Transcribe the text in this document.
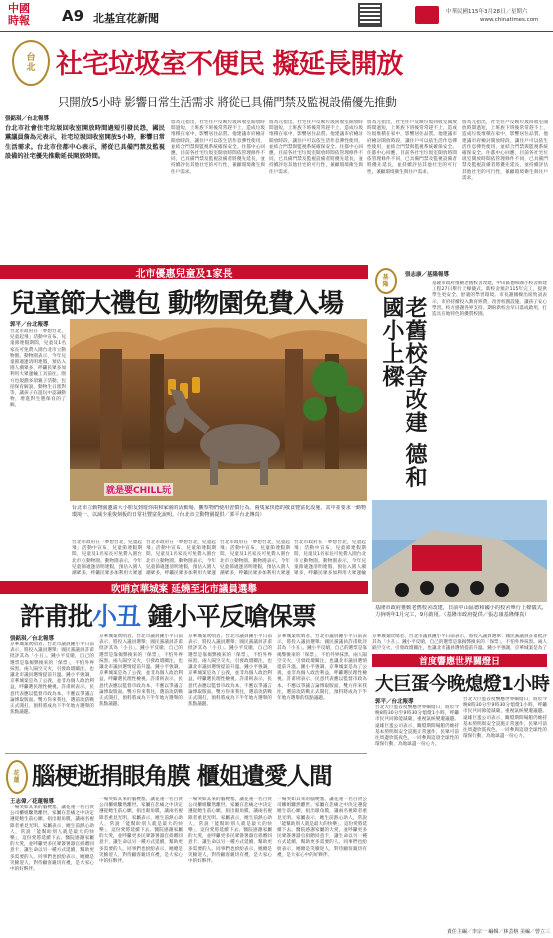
中國
時報 A9 北基宜花新聞	中華民國115年3月28日／星期六
www.chinatimes.com
台北 社宅垃圾室不便民 擬延長開放
只開放5小時 影響日常生活需求 將從已具備門禁及監視設備優先推動
張銘琪／台北報導
台北市社會住宅垃圾回收室開放時間過短引發民怨，國民黨議員詹為元表示，社宅垃圾回收室開放5小時，影響日常生活需求。台北市住都中心表示，將從已具備門禁及監視設備的社宅優先推動延長開放時間。
詹為元指出，社宅住戶反映垃圾回收室開放時間過短，上班族下班後常常趕不上，造成垃圾堆積在家中，影響居住品質。他建議市府檢討開放時段，讓住戶可以依生活作息彈性使用，並結合門禁與監視系統確保安全。住都中心回應，目前各社宅垃圾室開放時間依管理條件不同，已具備門禁及監視設備者將優先延長，並持續評估其他社宅的可行性，兼顧環境衛生與住戶需求。
詹為元指出，社宅住戶反映垃圾回收室開放時間過短，上班族下班後常常趕不上，造成垃圾堆積在家中，影響居住品質。他建議市府檢討開放時段，讓住戶可以依生活作息彈性使用，並結合門禁與監視系統確保安全。住都中心回應，目前各社宅垃圾室開放時間依管理條件不同，已具備門禁及監視設備者將優先延長，並持續評估其他社宅的可行性，兼顧環境衛生與住戶需求。
詹為元指出，社宅住戶反映垃圾回收室開放時間過短，上班族下班後常常趕不上，造成垃圾堆積在家中，影響居住品質。他建議市府檢討開放時段，讓住戶可以依生活作息彈性使用，並結合門禁與監視系統確保安全。住都中心回應，目前各社宅垃圾室開放時間依管理條件不同，已具備門禁及監視設備者將優先延長，並持續評估其他社宅的可行性，兼顧環境衛生與住戶需求。
詹為元指出，社宅住戶反映垃圾回收室開放時間過短，上班族下班後常常趕不上，造成垃圾堆積在家中，影響居住品質。他建議市府檢討開放時段，讓住戶可以依生活作息彈性使用，並結合門禁與監視系統確保安全。住都中心回應，目前各社宅垃圾室開放時間依管理條件不同，已具備門禁及監視設備者將優先延長，並持續評估其他社宅的可行性，兼顧環境衛生與住戶需求。
北市優惠兒童及1家長
兒童節大禮包 動物園免費入場
郭平／台北報導
台北市政府在「夢想台北，兒童起飛」活動中宣布，兒童節連假期間，兒童及1名家長可免費入園台北市立動物園。動物園表示，今年兒童節適逢清明連假，預估入園人潮眾多，呼籲民眾多加利用大眾運輸工具前往。園方也規劃多項親子活動，包括保育解說、動物生日派對等，讓孩子在遊玩中認識動物，增進對生態保育的了解。
就是要CHILL玩
台北市立動物園邀請大小朋友到遊你兩和家園的活動場，觀察物們使用習慣行為。兩隻家快德的敬食豐富化設施，其中並要求一動物環境一、以減少重復刻板的日常社豐富化說明。（台北市立動物園提供／郭平台北傳真）
台北市政府在「夢想台北，兒童起飛」活動中宣布，兒童節連假期間，兒童及1名家長可免費入園台北市立動物園。動物園表示，今年兒童節適逢清明連假，預估入園人潮眾多，呼籲民眾多加利用大眾運
台北市政府在「夢想台北，兒童起飛」活動中宣布，兒童節連假期間，兒童及1名家長可免費入園台北市立動物園。動物園表示，今年兒童節適逢清明連假，預估入園人潮眾多，呼籲民眾多加利用大眾運
台北市政府在「夢想台北，兒童起飛」活動中宣布，兒童節連假期間，兒童及1名家長可免費入園台北市立動物園。動物園表示，今年兒童節適逢清明連假，預估入園人潮眾多，呼籲民眾多加利用大眾運
台北市政府在「夢想台北，兒童起飛」活動中宣布，兒童節連假期間，兒童及1名家長可免費入園台北市立動物園。動物園表示，今年兒童節適逢清明連假，預估入園人潮眾多，呼籲民眾多加利用大眾運輸
基隆
張志康／基隆報導
老舊校舍改建 德和國小上樑
基隆市政府推動老舊校舍改建，中山區德和國小校舍新建工程27日舉行上樑儀式。新校舍預計115年完工，提供學生更安全、舒適的學習環境。市長謝國樑出席致詞表示，市府持續投入教育經費，改善校園設施，讓孩子安心學習。校方感謝各界支持，期盼新校舍早日落成啟用，打造具在地特色的優質校園。
基隆市政府推動老舊校舍改建，日前中山區德和國小的校舍舉行上樑儀式，力拚明年1月完工，9月啟用。（基隆市政府提供／張志康基隆傳真）
吹哨京華城案 延燒至北市議員選舉
許甫批小丑 鍾小平反嗆保票
張銘琪／台北報導
京華城案吹哨者、台北市議員鍾小平日前表示，將投入議員選舉；國民黨議員許甫批評其為「小丑」。鍾小平反嗆，自己的選票是靠揭弊換來的「保票」，不怕外界抹黑。兩人隔空交火，引發政壇關注，也讓北市議員選情提前升溫。鍾小平強調，京華城案是為了公義，並非為個人政治利益，呼籲選民理性檢視。許甫則表示，民意代表應以監督市政為本，不應以爭議言論博取版面。雙方你來我往，選前攻防戰正式開打，預料將成為下半年地方選舉的焦點議題。
京華城案吹哨者、台北市議員鍾小平日前表示，將投入議員選舉；國民黨議員許甫批評其為「小丑」。鍾小平反嗆，自己的選票是靠揭弊換來的「保票」，不怕外界抹黑。兩人隔空交火，引發政壇關注，也讓北市議員選情提前升溫。鍾小平強調，京華城案是為了公義，並非為個人政治利益，呼籲選民理性檢視。許甫則表示，民意代表應以監督市政為本，不應以爭議言論博取版面。雙方你來我往，選前攻防戰正式開打，預料將成為下半年地方選舉的焦點議題。
京華城案吹哨者、台北市議員鍾小平日前表示，將投入議員選舉；國民黨議員許甫批評其為「小丑」。鍾小平反嗆，自己的選票是靠揭弊換來的「保票」，不怕外界抹黑。兩人隔空交火，引發政壇關注，也讓北市議員選情提前升溫。鍾小平強調，京華城案是為了公義，並非為個人政治利益，呼籲選民理性檢視。許甫則表示，民意代表應以監督市政為本，不應以爭議言論博取版面。雙方你來我往，選前攻防戰正式開打，預料將成為下半年地方選舉的焦點議題。
京華城案吹哨者、台北市議員鍾小平日前表示，將投入議員選舉；國民黨議員許甫批評其為「小丑」。鍾小平反嗆，自己的選票是靠揭弊換來的「保票」，不怕外界抹黑。兩人隔空交火，引發政壇關注，也讓北市議員選情提前升溫。鍾小平強調，京華城案是為了公義，並非為個人政治利益，呼籲選民理性檢視。許甫則表示，民意代表應以監督市政為本，不應以爭議言論博取版面。雙方你來我往，選前攻防戰正式開打，預料將成為下半年地方選舉的焦點議題。
京華城案吹哨者、台北市議員鍾小平日前表示，將投入議員選舉；國民黨議員許甫批評其為「小丑」。鍾小平反嗆，自己的選票是靠揭弊換來的「保票」，不怕外界抹黑。兩人隔空交火，引發政壇關注，也讓北市議員選情提前升溫。鍾小平強調，京華城案是為了
首度響應世界關燈日
大巨蛋今晚熄燈1小時
郭平／台北報導
台北大巨蛋首度響應世界關燈日，將於今晚8時30分至9時30分熄燈1小時，呼籲市民共同節能減碳，重視氣候變遷議題。遠雄巨蛋公司表示，關燈期間場館仍維持基本照明與安全設施正常運作，民眾可前往周邊欣賞夜色，一同參與這項全球性的環保行動，為地球盡一份心力。
台北大巨蛋首度響應世界關燈日，將於今晚8時30分至9時30分熄燈1小時，呼籲市民共同節能減碳，重視氣候變遷議題。遠雄巨蛋公司表示，關燈期間場館仍維持基本照明與安全設施正常運作，民眾可前往周邊欣賞夜色，一同參與這項全球性的環保行動，為地球盡一份心力。
花蓮 腦梗逝捐眼角膜 櫃姐遺愛人間
王志偉／花蓮報導
一場突如其來的腦梗塞，讓花蓮一名百貨公司櫃姐驟然離世。家屬在悲痛之中決定遵從她生前心願，捐出眼角膜，讓兩名視障者重見光明。家屬表示，她生前熱心助人，常說「能幫助別人就是最大的快樂」，這份愛將延續下去。醫院感謝家屬的大愛，並呼籲更多民眾簽署器官捐贈同意卡，讓生命以另一種方式延續，幫助更多需要的人。同事們也紛紛表示，她總是笑臉迎人，對待顧客親切有禮，是大家心中的好夥伴。
一場突如其來的腦梗塞，讓花蓮一名百貨公司櫃姐驟然離世。家屬在悲痛之中決定遵從她生前心願，捐出眼角膜，讓兩名視障者重見光明。家屬表示，她生前熱心助人，常說「能幫助別人就是最大的快樂」，這份愛將延續下去。醫院感謝家屬的大愛，並呼籲更多民眾簽署器官捐贈同意卡，讓生命以另一種方式延續，幫助更多需要的人。同事們也紛紛表示，她總是笑臉迎人，對待顧客親切有禮，是大家心中的好夥伴。
一場突如其來的腦梗塞，讓花蓮一名百貨公司櫃姐驟然離世。家屬在悲痛之中決定遵從她生前心願，捐出眼角膜，讓兩名視障者重見光明。家屬表示，她生前熱心助人，常說「能幫助別人就是最大的快樂」，這份愛將延續下去。醫院感謝家屬的大愛，並呼籲更多民眾簽署器官捐贈同意卡，讓生命以另一種方式延續，幫助更多需要的人。同事們也紛紛表示，她總是笑臉迎人，對待顧客親切有禮，是大家心中的好夥伴。
一場突如其來的腦梗塞，讓花蓮一名百貨公司櫃姐驟然離世。家屬在悲痛之中決定遵從她生前心願，捐出眼角膜，讓兩名視障者重見光明。家屬表示，她生前熱心助人，常說「能幫助別人就是最大的快樂」，這份愛將延續下去。醫院感謝家屬的大愛，並呼籲更多民眾簽署器官捐贈同意卡，讓生命以另一種方式延續，幫助更多需要的人。同事們也紛紛表示，她總是笑臉迎人，對待顧客親切有禮，是大家心中的好夥伴。
責任主編／李宗一 編輯／林芸榕 美編／曾立三
